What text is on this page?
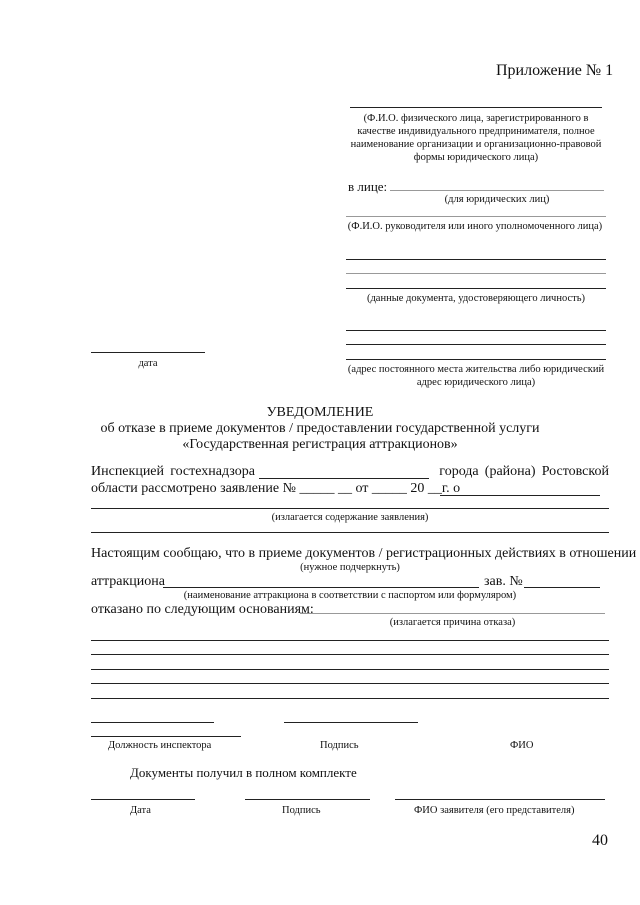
Приложение № 1
(Ф.И.О. физического лица, зарегистрированного в
качестве индивидуального предпринимателя, полное
наименование организации и организационно-правовой
формы юридического лица)
в лице:
(для юридических лиц)
(Ф.И.О. руководителя или иного уполномоченного лица)
(данные документа, удостоверяющего личность)
(адрес постоянного места жительства либо юридический
адрес юридического лица)
дата
УВЕДОМЛЕНИЕ
об отказе в приеме документов / предоставлении государственной услуги
«Государственная регистрация аттракционов»
Инспекцией гостехнадзора	города (района) Ростовской
области рассмотрено заявление № _____ __ от _____ 20 __г. о
(излагается содержание заявления)
Настоящим сообщаю, что в приеме документов / регистрационных действиях в отношении
(нужное подчеркнуть)
аттракциона	зав. №
(наименование аттракциона в соответствии с паспортом или формуляром)
отказано по следующим основаниям:
(излагается причина отказа)
Должность инспектора	Подпись	ФИО
Документы получил в полном комплекте
Дата	Подпись	ФИО заявителя (его представителя)
40
